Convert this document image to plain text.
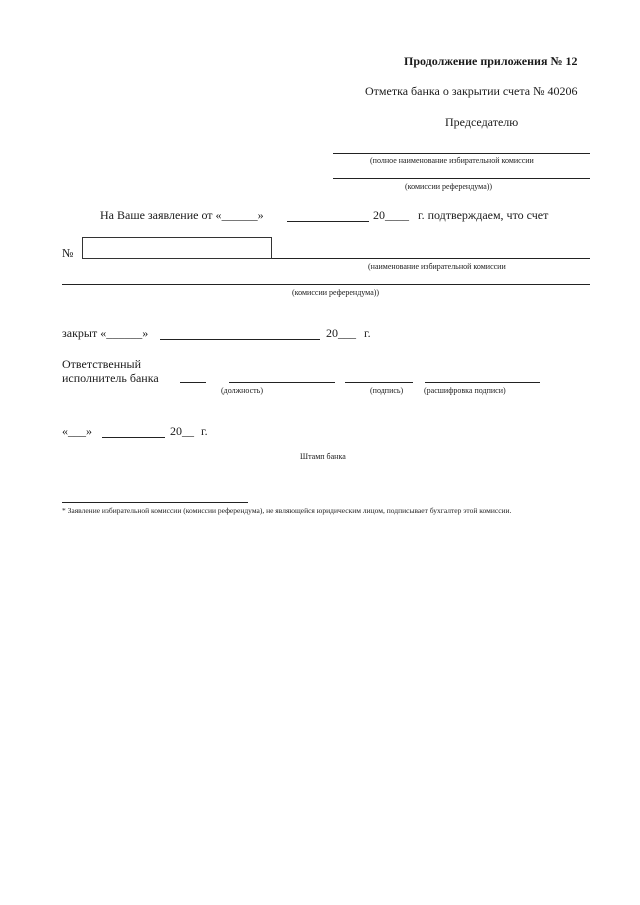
Продолжение приложения № 12
Отметка банка о закрытии счета № 40206
Председателю
(полное наименование избирательной комиссии
(комиссии референдума))
На Ваше заявление от «______»	20____ г. подтверждаем, что счет
№
(наименование избирательной комиссии
(комиссии референдума))
закрыт «______»	20___ г.
Ответственный
исполнитель банка
(должность)	(подпись)	(расшифровка подписи)
«___»	20__ г.
Штамп банка
* Заявление избирательной комиссии (комиссии референдума), не являющейся юридическим лицом, подписывает бухгалтер этой комиссии.
